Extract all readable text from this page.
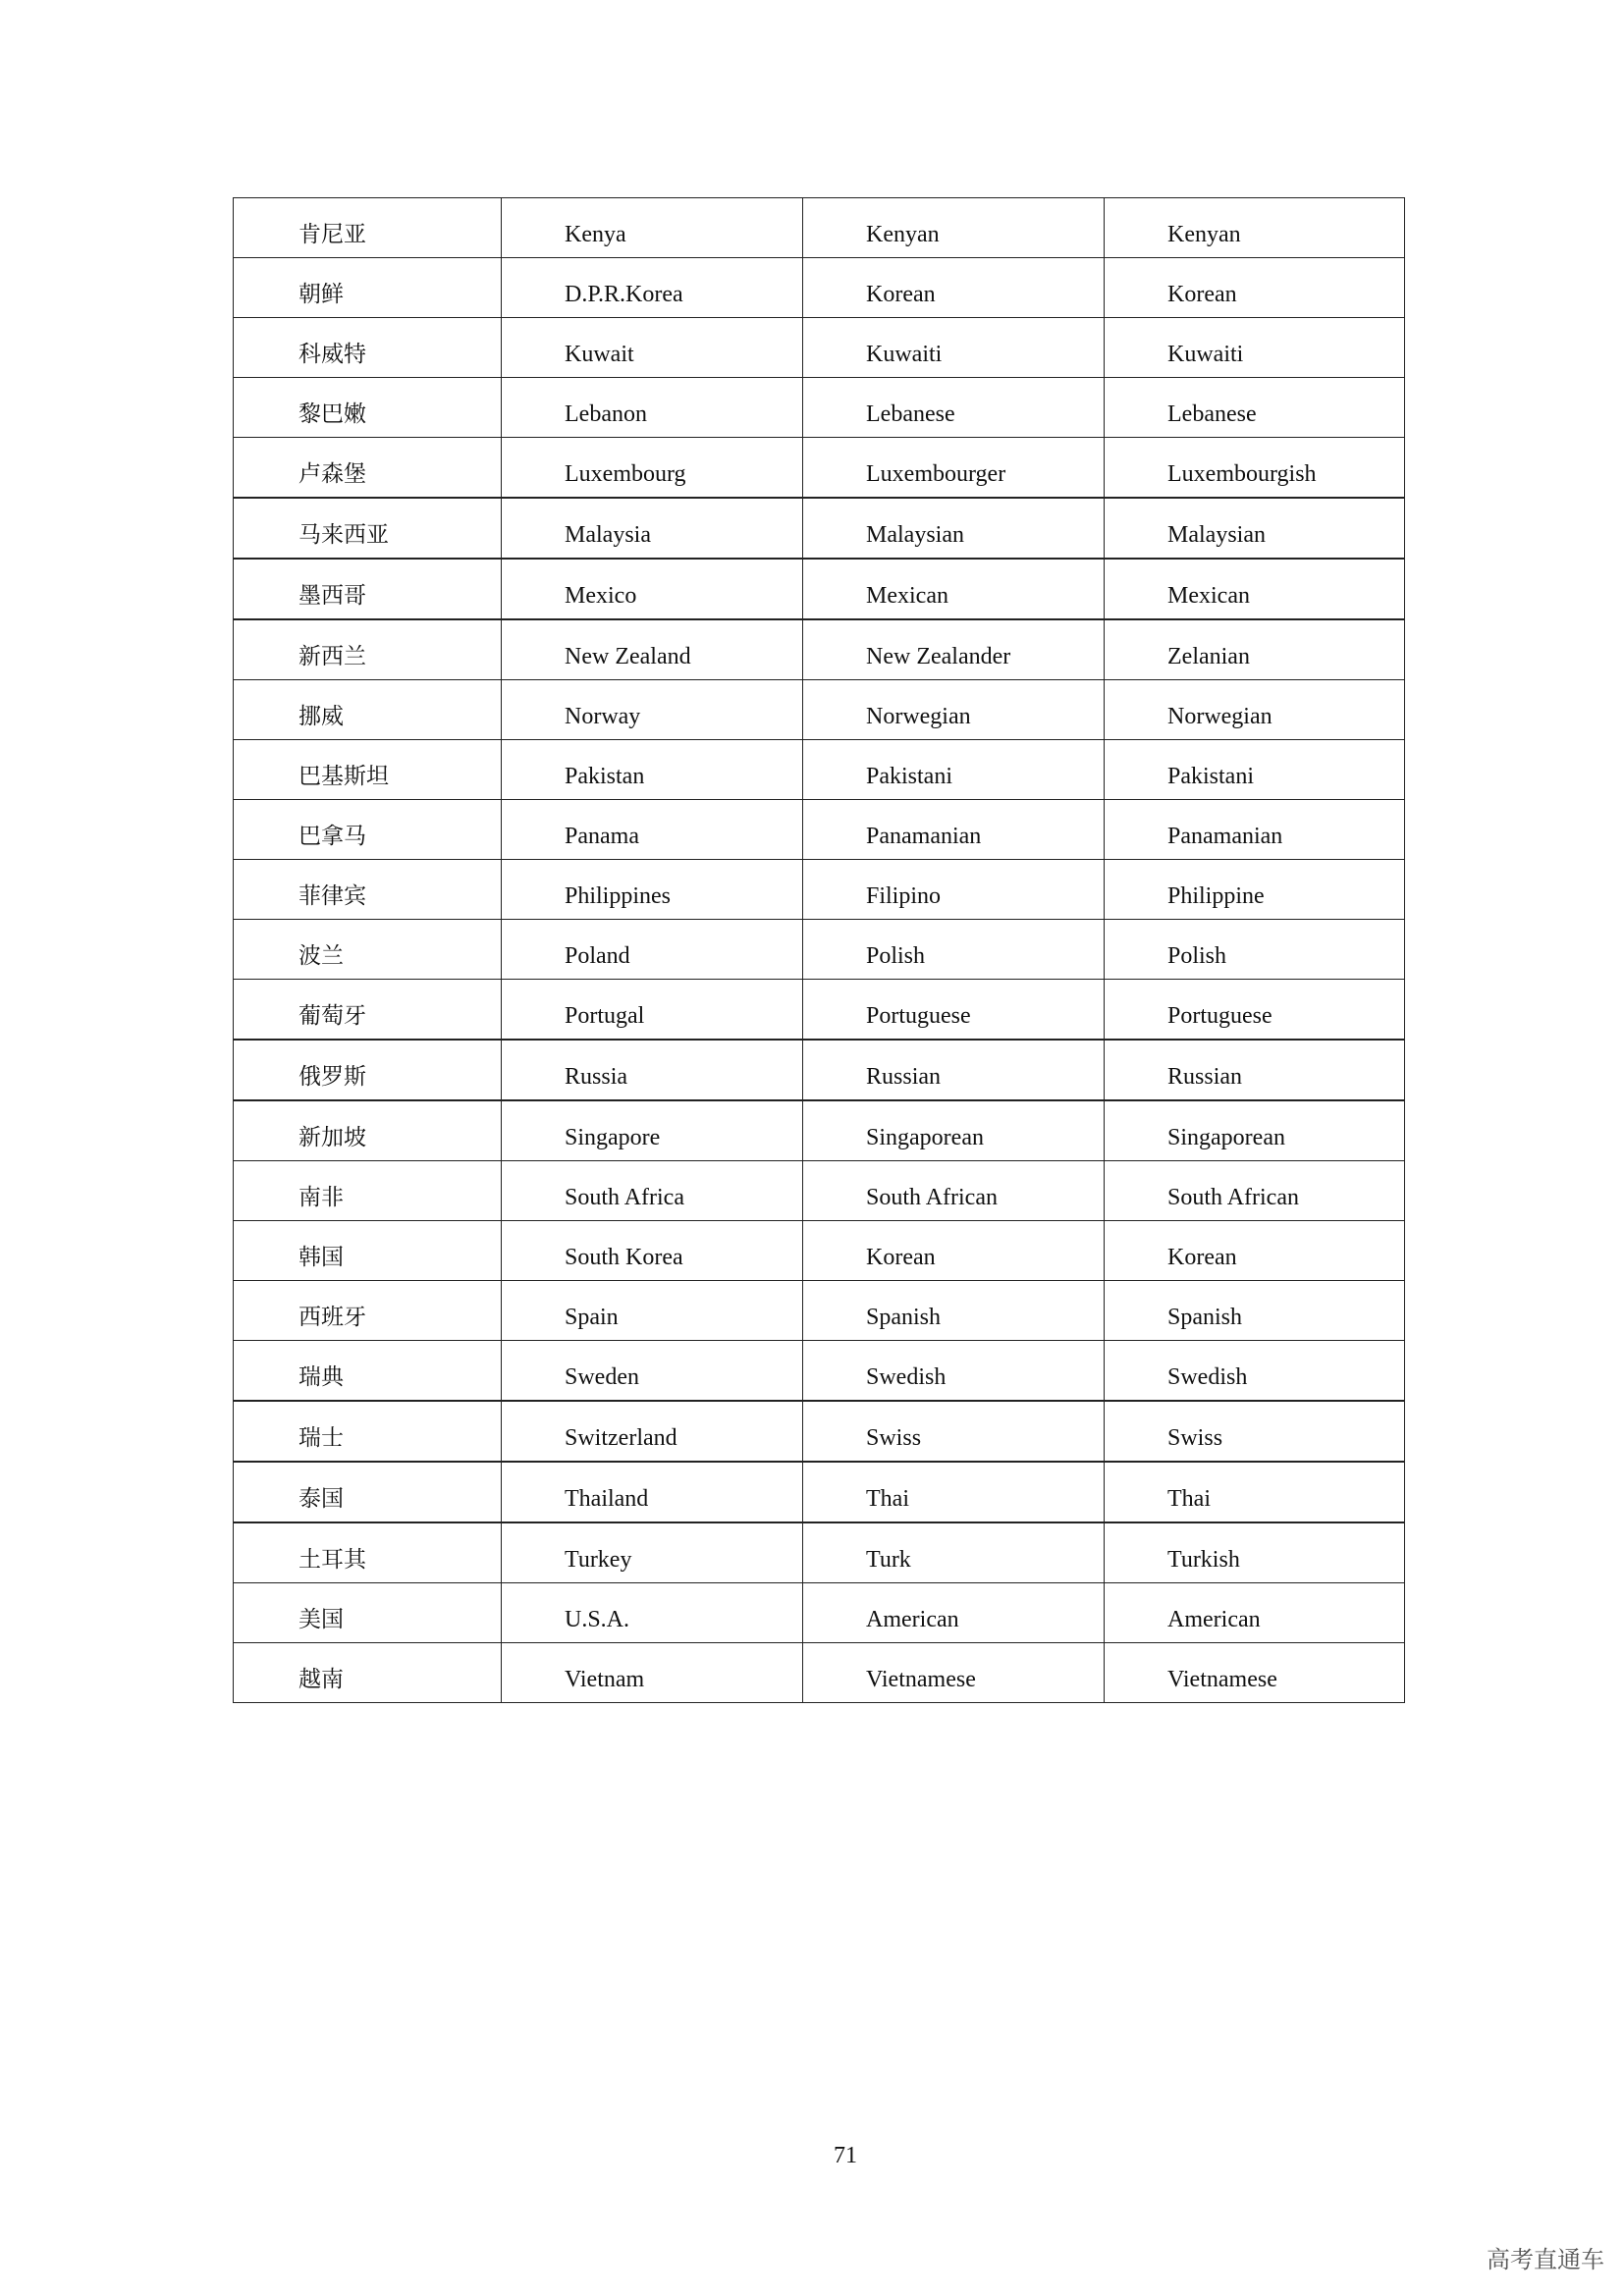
肯尼亚	Kenya	Kenyan	Kenyan

朝鲜	D.P.R.Korea	Korean	Korean

科威特	Kuwait	Kuwaiti	Kuwaiti

黎巴嫩	Lebanon	Lebanese	Lebanese

卢森堡	Luxembourg	Luxembourger	Luxembourgish

马来西亚	Malaysia	Malaysian	Malaysian

墨西哥	Mexico	Mexican	Mexican

新西兰	New Zealand	New Zealander	Zelanian

挪威	Norway	Norwegian	Norwegian

巴基斯坦	Pakistan	Pakistani	Pakistani

巴拿马	Panama	Panamanian	Panamanian

菲律宾	Philippines	Filipino	Philippine

波兰	Poland	Polish	Polish

葡萄牙	Portugal	Portuguese	Portuguese

俄罗斯	Russia	Russian	Russian

新加坡	Singapore	Singaporean	Singaporean

南非	South Africa	South African	South African

韩国	South Korea	Korean	Korean

西班牙	Spain	Spanish	Spanish

瑞典	Sweden	Swedish	Swedish

瑞士	Switzerland	Swiss	Swiss

泰国	Thailand	Thai	Thai

土耳其	Turkey	Turk	Turkish

美国	U.S.A.	American	American

越南	Vietnam	Vietnamese	Vietnamese
71
高考直通车
